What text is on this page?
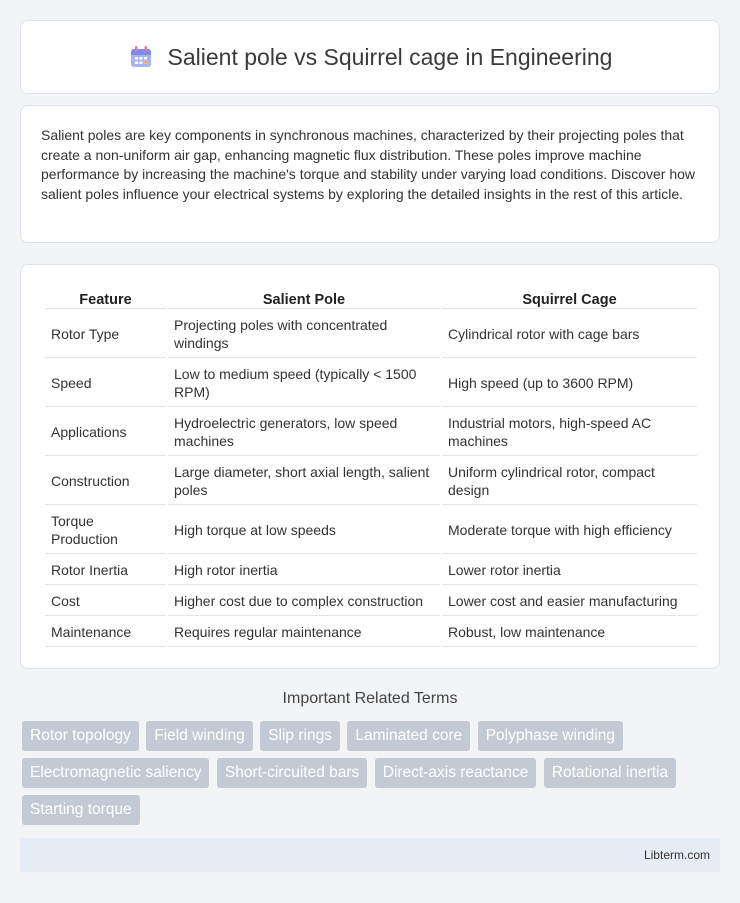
Salient pole vs Squirrel cage in Engineering

Salient poles are key components in synchronous machines, characterized by their projecting poles that create a non-uniform air gap, enhancing magnetic flux distribution. These poles improve machine performance by increasing the machine's torque and stability under varying load conditions. Discover how salient poles influence your electrical systems by exploring the detailed insights in the rest of this article.

Feature	Salient Pole	Squirrel Cage
Rotor Type	Projecting poles with concentrated windings	Cylindrical rotor with cage bars
Speed	Low to medium speed (typically < 1500 RPM)	High speed (up to 3600 RPM)
Applications	Hydroelectric generators, low speed machines	Industrial motors, high-speed AC machines
Construction	Large diameter, short axial length, salient poles	Uniform cylindrical rotor, compact design
Torque Production	High torque at low speeds	Moderate torque with high efficiency
Rotor Inertia	High rotor inertia	Lower rotor inertia
Cost	Higher cost due to complex construction	Lower cost and easier manufacturing
Maintenance	Requires regular maintenance	Robust, low maintenance
Important Related Terms
Rotor topology Field winding Slip rings Laminated core Polyphase winding Electromagnetic saliency Short-circuited bars Direct-axis reactance Rotational inertia Starting torque
Libterm.com
